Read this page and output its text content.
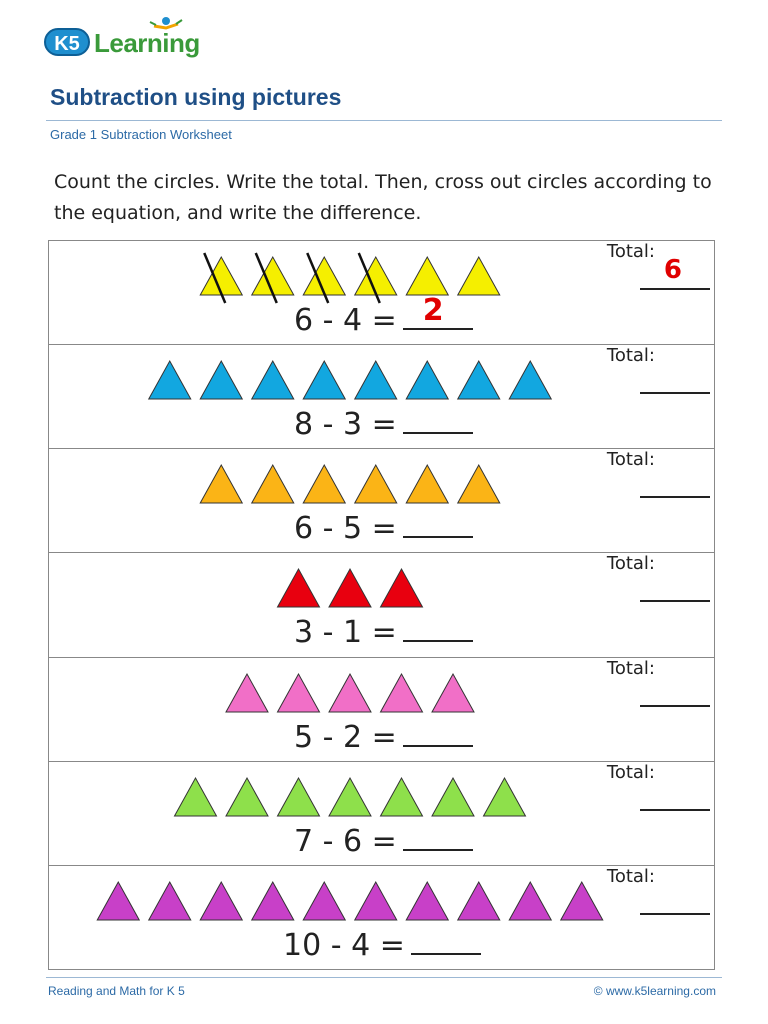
K5 Learning
Subtraction using pictures
Grade 1 Subtraction Worksheet
Count the circles. Write the total. Then, cross out circles according to the equation, and write the difference.
6 - 4 = 2
Total:
6
8 - 3 =
Total:
6 - 5 =
Total:
3 - 1 =
Total:
5 - 2 =
Total:
7 - 6 =
Total:
10 - 4 =
Total:
Reading and Math for K 5	© www.k5learning.com
